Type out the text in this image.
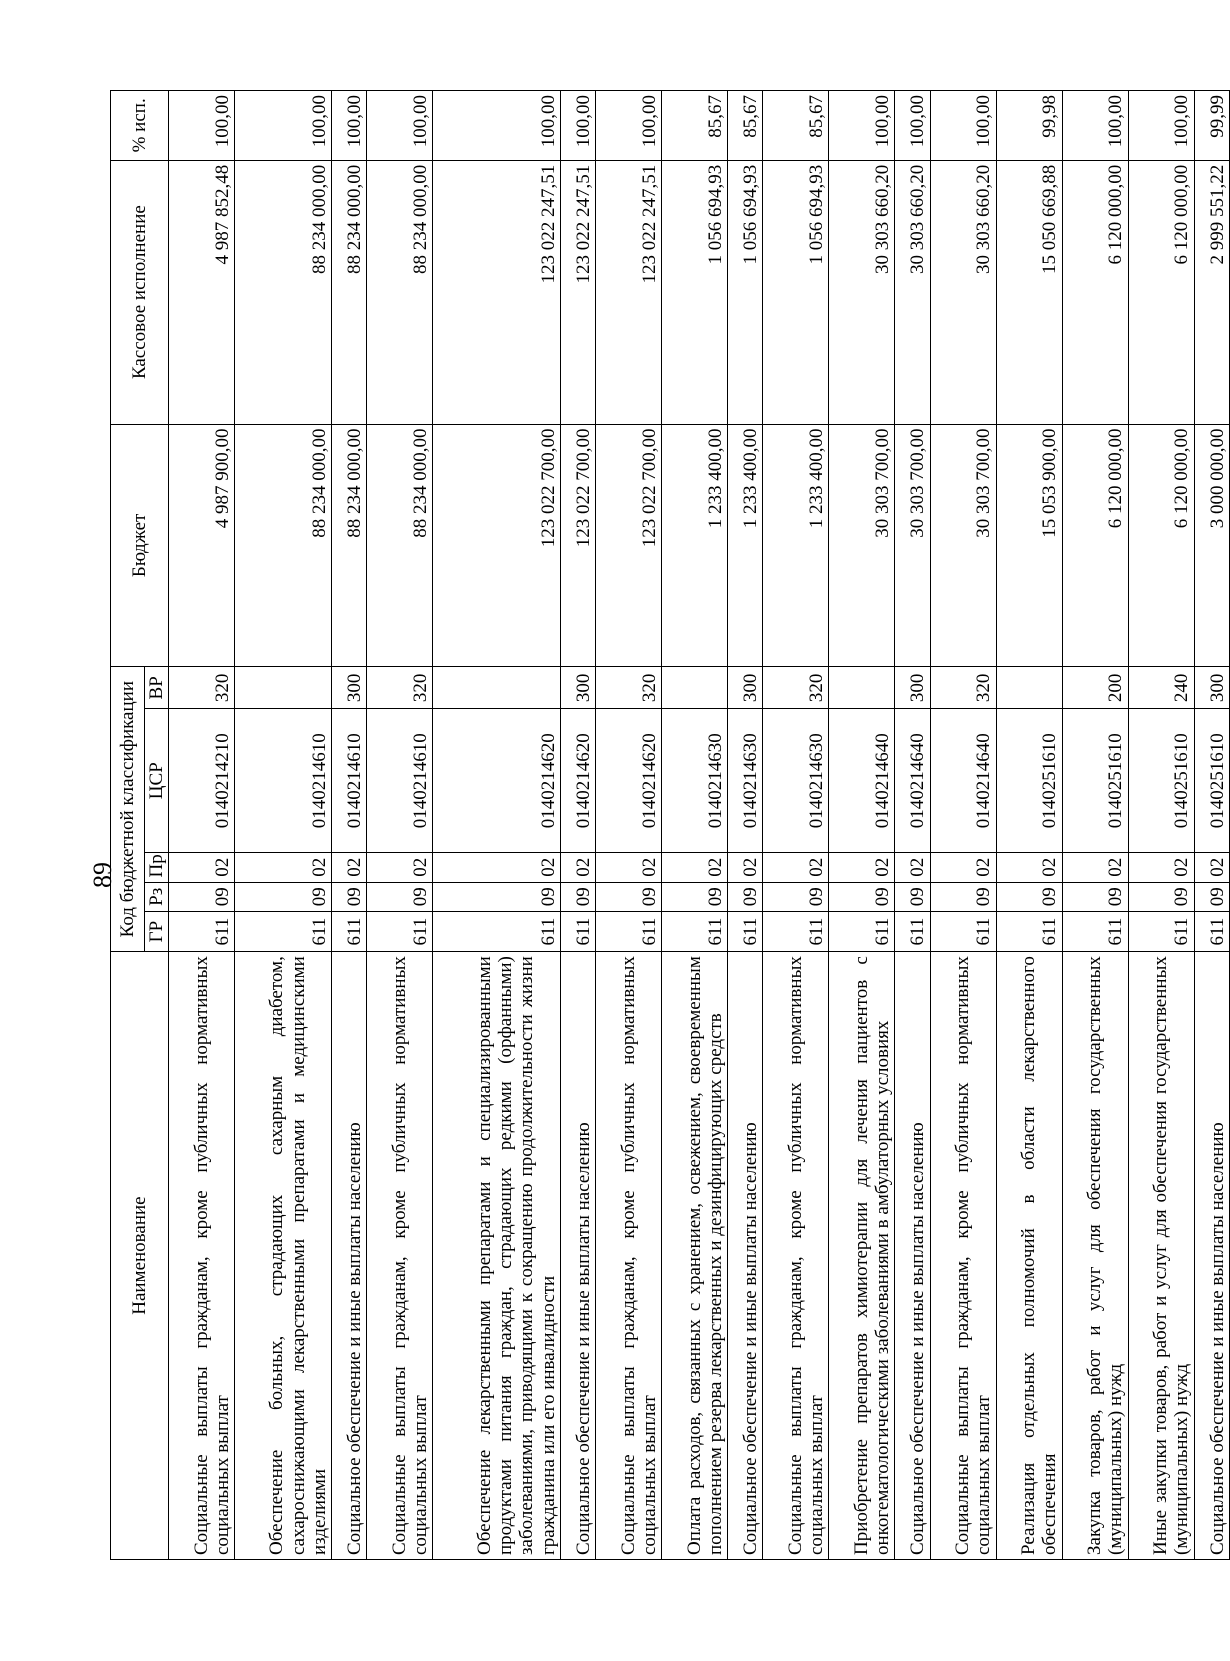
89
Наименование	Код бюджетной классификации					Бюджет	Кассовое исполнение	% исп.
	ГР	Рз	Пр	ЦСР	ВР			
Социальные выплаты гражданам, кроме публичных нормативных социальных выплат	611	09	02	0140214210	320	4 987 900,00	4 987 852,48	100,00
Обеспечение больных, страдающих сахарным диабетом, сахароснижающими лекарственными препаратами и медицинскими изделиями	611	09	02	0140214610		88 234 000,00	88 234 000,00	100,00
Социальное обеспечение и иные выплаты населению	611	09	02	0140214610	300	88 234 000,00	88 234 000,00	100,00
Социальные выплаты гражданам, кроме публичных нормативных социальных выплат	611	09	02	0140214610	320	88 234 000,00	88 234 000,00	100,00
Обеспечение лекарственными препаратами и специализированными продуктами питания граждан, страдающих редкими (орфанными) заболеваниями, приводящими к сокращению продолжительности жизни гражданина или его инвалидности	611	09	02	0140214620		123 022 700,00	123 022 247,51	100,00
Социальное обеспечение и иные выплаты населению	611	09	02	0140214620	300	123 022 700,00	123 022 247,51	100,00
Социальные выплаты гражданам, кроме публичных нормативных социальных выплат	611	09	02	0140214620	320	123 022 700,00	123 022 247,51	100,00
Оплата расходов, связанных с хранением, освежением, своевременным пополнением резерва лекарственных и дезинфицирующих средств	611	09	02	0140214630		1 233 400,00	1 056 694,93	85,67
Социальное обеспечение и иные выплаты населению	611	09	02	0140214630	300	1 233 400,00	1 056 694,93	85,67
Социальные выплаты гражданам, кроме публичных нормативных социальных выплат	611	09	02	0140214630	320	1 233 400,00	1 056 694,93	85,67
Приобретение препаратов химиотерапии для лечения пациентов с онкогематологическими заболеваниями в амбулаторных условиях	611	09	02	0140214640		30 303 700,00	30 303 660,20	100,00
Социальное обеспечение и иные выплаты населению	611	09	02	0140214640	300	30 303 700,00	30 303 660,20	100,00
Социальные выплаты гражданам, кроме публичных нормативных социальных выплат	611	09	02	0140214640	320	30 303 700,00	30 303 660,20	100,00
Реализация отдельных полномочий в области лекарственного обеспечения	611	09	02	0140251610		15 053 900,00	15 050 669,88	99,98
Закупка товаров, работ и услуг для обеспечения государственных (муниципальных) нужд	611	09	02	0140251610	200	6 120 000,00	6 120 000,00	100,00
Иные закупки товаров, работ и услуг для обеспечения государственных (муниципальных) нужд	611	09	02	0140251610	240	6 120 000,00	6 120 000,00	100,00
Социальное обеспечение и иные выплаты населению	611	09	02	0140251610	300	3 000 000,00	2 999 551,22	99,99
